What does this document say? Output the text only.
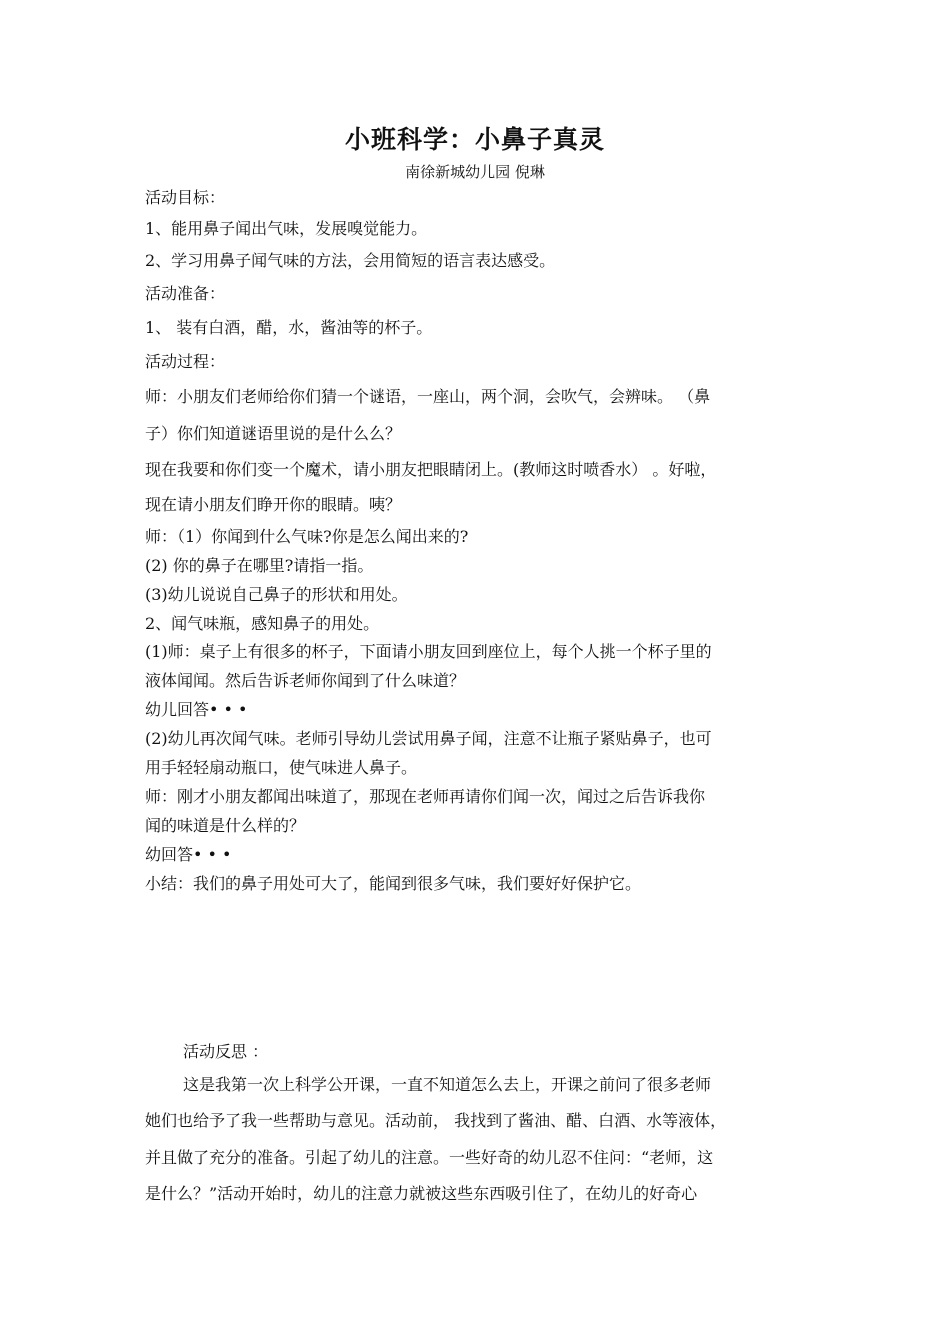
小班科学：小鼻子真灵
南徐新城幼儿园 倪琳
活动目标：
1、能用鼻子闻出气味，发展嗅觉能力。
2、学习用鼻子闻气味的方法，会用简短的语言表达感受。
活动准备：
1、 装有白酒，醋，水，酱油等的杯子。
活动过程：
师：小朋友们老师给你们猜一个谜语，一座山，两个洞，会吹气，会辨味。 （鼻
子）你们知道谜语里说的是什么么？
现在我要和你们变一个魔术，请小朋友把眼睛闭上。(教师这时喷香水） 。好啦，
现在请小朋友们睁开你的眼睛。咦？
师：（1）你闻到什么气味?你是怎么闻出来的?
(2) 你的鼻子在哪里?请指一指。
(3)幼儿说说自己鼻子的形状和用处。
2、闻气味瓶，感知鼻子的用处。
(1)师：桌子上有很多的杯子，下面请小朋友回到座位上，每个人挑一个杯子里的
液体闻闻。然后告诉老师你闻到了什么味道？
幼儿回答• • •
(2)幼儿再次闻气味。老师引导幼儿尝试用鼻子闻，注意不让瓶子紧贴鼻子，也可
用手轻轻扇动瓶口，使气味进人鼻子。
师：刚才小朋友都闻出味道了，那现在老师再请你们闻一次，闻过之后告诉我你
闻的味道是什么样的？
幼回答• • •
小结：我们的鼻子用处可大了，能闻到很多气味，我们要好好保护它。
活动反思 ：
这是我第一次上科学公开课，一直不知道怎么去上，开课之前问了很多老师
她们也给予了我一些帮助与意见。活动前， 我找到了酱油、醋、白酒、水等液体，
并且做了充分的准备。引起了幼儿的注意。一些好奇的幼儿忍不住问：“老师，这
是什么？”活动开始时，幼儿的注意力就被这些东西吸引住了，在幼儿的好奇心
